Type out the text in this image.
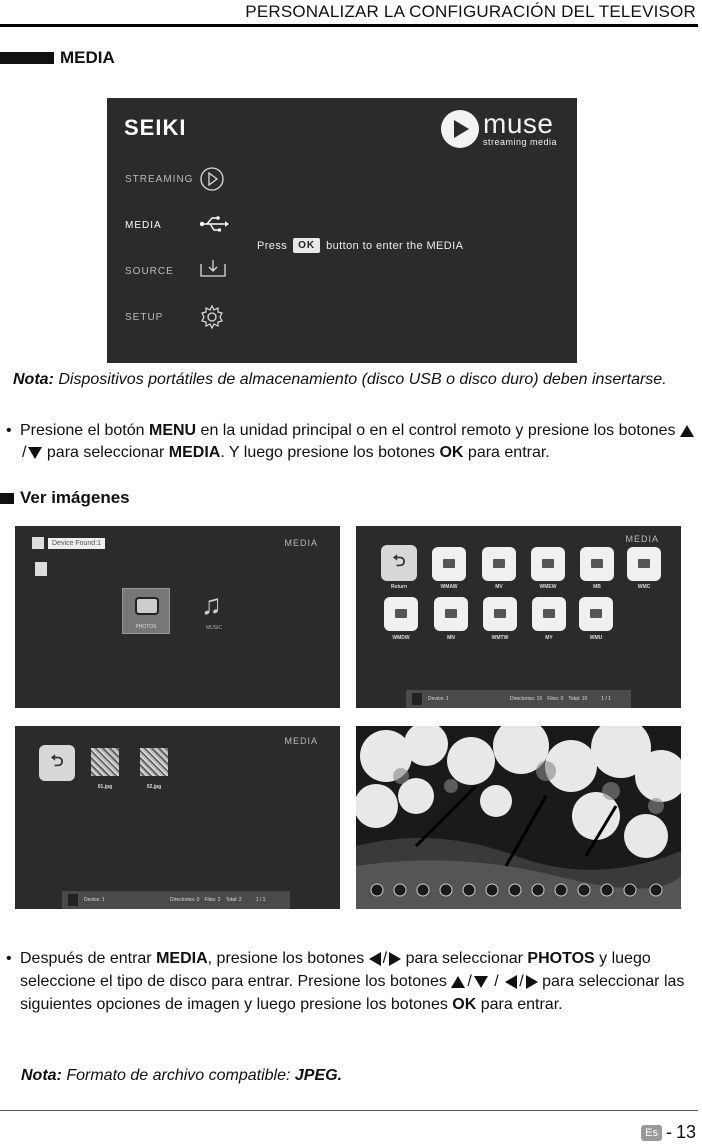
PERSONALIZAR LA CONFIGURACIÓN DEL TELEVISOR
MEDIA
SEIKI	muse
streaming media
STREAMING
MEDIA
SOURCE
SETUP
Press	OK	button to enter the MEDIA
Nota: Dispositivos portátiles de almacenamiento (disco USB o disco duro) deben insertarse.
• Presione el botón MENU en la unidad principal o en el control remoto y presione los botones / para seleccionar MEDIA. Y luego presione los botones OK para entrar.
Ver imágenes
Device Found:1	MEDIA
PHOTOS
♫
MUSIC
MEDIA
⮌
Return	WMAW	MV	WMEW	MB	WMC
WMDW	MN	WMTW	MY	WMU
Device: 1	Directories: 10 Files: 0 Total: 10	1 / 1
MEDIA
⮌
01.jpg	02.jpg
Device: 1	Directories: 0 Files: 2 Total: 2	1 / 1
• Después de entrar MEDIA, presione los botones / para seleccionar PHOTOS y luego seleccione el tipo de disco para entrar. Presione los botones / / / para seleccionar las siguientes opciones de imagen y luego presione los botones OK para entrar.
Nota: Formato de archivo compatible: JPEG.
Es - 13
